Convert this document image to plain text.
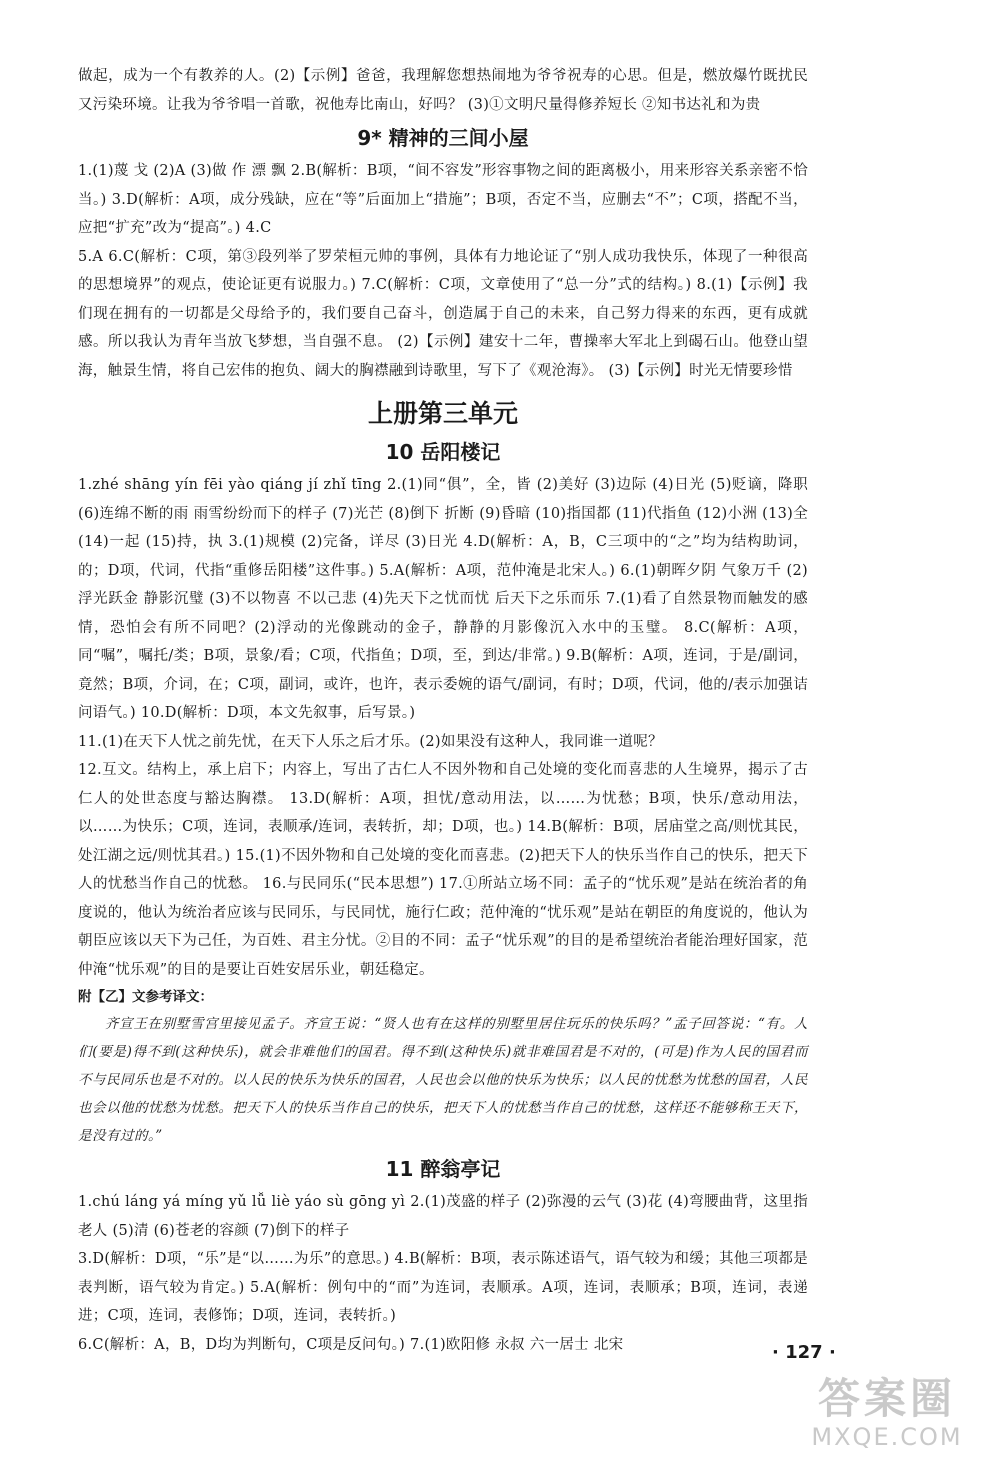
做起，成为一个有教养的人。(2)【示例】爸爸，我理解您想热闹地为爷爷祝寿的心思。但是，燃放爆竹既扰民又污染环境。让我为爷爷唱一首歌，祝他寿比南山，好吗？ (3)①文明尺量得修养短长 ②知书达礼和为贵

9* 精神的三间小屋

1.(1)蔑 戈 (2)A (3)做 作 漂 飘 2.B(解析：B项，“间不容发”形容事物之间的距离极小，用来形容关系亲密不恰当。) 3.D(解析：A项，成分残缺，应在“等”后面加上“措施”；B项，否定不当，应删去“不”；C项，搭配不当，应把“扩充”改为“提高”。) 4.C

5.A 6.C(解析：C项，第③段列举了罗荣桓元帅的事例，具体有力地论证了“别人成功我快乐，体现了一种很高的思想境界”的观点，使论证更有说服力。) 7.C(解析：C项，文章使用了“总一分”式的结构。) 8.(1)【示例】我们现在拥有的一切都是父母给予的，我们要自己奋斗，创造属于自己的未来，自己努力得来的东西，更有成就感。所以我认为青年当放飞梦想，当自强不息。 (2)【示例】建安十二年，曹操率大军北上到碣石山。他登山望海，触景生情，将自己宏伟的抱负、阔大的胸襟融到诗歌里，写下了《观沧海》。 (3)【示例】时光无情要珍惜

上册第三单元
10 岳阳楼记

1.zhé shāng yín fēi yào qiáng jí zhǐ tīng 2.(1)同“俱”，全，皆 (2)美好 (3)边际 (4)日光 (5)贬谪，降职 (6)连绵不断的雨 雨雪纷纷而下的样子 (7)光芒 (8)倒下 折断 (9)昏暗 (10)指国都 (11)代指鱼 (12)小洲 (13)全 (14)一起 (15)持，执 3.(1)规模 (2)完备，详尽 (3)日光 4.D(解析：A，B，C三项中的“之”均为结构助词，的；D项，代词，代指“重修岳阳楼”这件事。) 5.A(解析：A项，范仲淹是北宋人。) 6.(1)朝晖夕阴 气象万千 (2)浮光跃金 静影沉璧 (3)不以物喜 不以己悲 (4)先天下之忧而忧 后天下之乐而乐 7.(1)看了自然景物而触发的感情，恐怕会有所不同吧？(2)浮动的光像跳动的金子，静静的月影像沉入水中的玉璧。 8.C(解析：A项，同“嘱”，嘱托/类；B项，景象/看；C项，代指鱼；D项，至，到达/非常。) 9.B(解析：A项，连词，于是/副词，竟然；B项，介词，在；C项，副词，或许，也许，表示委婉的语气/副词，有时；D项，代词，他的/表示加强诘问语气。) 10.D(解析：D项，本文先叙事，后写景。)

11.(1)在天下人忧之前先忧，在天下人乐之后才乐。(2)如果没有这种人，我同谁一道呢？

12.互文。结构上，承上启下；内容上，写出了古仁人不因外物和自己处境的变化而喜悲的人生境界，揭示了古仁人的处世态度与豁达胸襟。 13.D(解析：A项，担忧/意动用法，以……为忧愁；B项，快乐/意动用法，以……为快乐；C项，连词，表顺承/连词，表转折，却；D项，也。) 14.B(解析：B项，居庙堂之高/则忧其民，处江湖之远/则忧其君。) 15.(1)不因外物和自己处境的变化而喜悲。(2)把天下人的快乐当作自己的快乐，把天下人的忧愁当作自己的忧愁。 16.与民同乐(“民本思想”) 17.①所站立场不同：孟子的“忧乐观”是站在统治者的角度说的，他认为统治者应该与民同乐，与民同忧，施行仁政；范仲淹的“忧乐观”是站在朝臣的角度说的，他认为朝臣应该以天下为己任，为百姓、君主分忧。②目的不同：孟子“忧乐观”的目的是希望统治者能治理好国家，范仲淹“忧乐观”的目的是要让百姓安居乐业，朝廷稳定。

附【乙】文参考译文：

齐宣王在别墅雪宫里接见孟子。齐宣王说：“贤人也有在这样的别墅里居住玩乐的快乐吗？”孟子回答说：“有。人们(要是)得不到(这种快乐)，就会非难他们的国君。得不到(这种快乐)就非难国君是不对的，(可是)作为人民的国君而不与民同乐也是不对的。以人民的快乐为快乐的国君，人民也会以他的快乐为快乐；以人民的忧愁为忧愁的国君，人民也会以他的忧愁为忧愁。把天下人的快乐当作自己的快乐，把天下人的忧愁当作自己的忧愁，这样还不能够称王天下，是没有过的。”

11 醉翁亭记

1.chú láng yá míng yǔ lǚ liè yáo sù gōng yì 2.(1)茂盛的样子 (2)弥漫的云气 (3)花 (4)弯腰曲背，这里指老人 (5)清 (6)苍老的容颜 (7)倒下的样子

3.D(解析：D项，“乐”是“以……为乐”的意思。) 4.B(解析：B项，表示陈述语气，语气较为和缓；其他三项都是表判断，语气较为肯定。) 5.A(解析：例句中的“而”为连词，表顺承。A项，连词，表顺承；B项，连词，表递进；C项，连词，表修饰；D项，连词，表转折。)

6.C(解析：A，B，D均为判断句，C项是反问句。) 7.(1)欧阳修 永叔 六一居士 北宋	· 127 ·
答案圈
MXQE.COM
